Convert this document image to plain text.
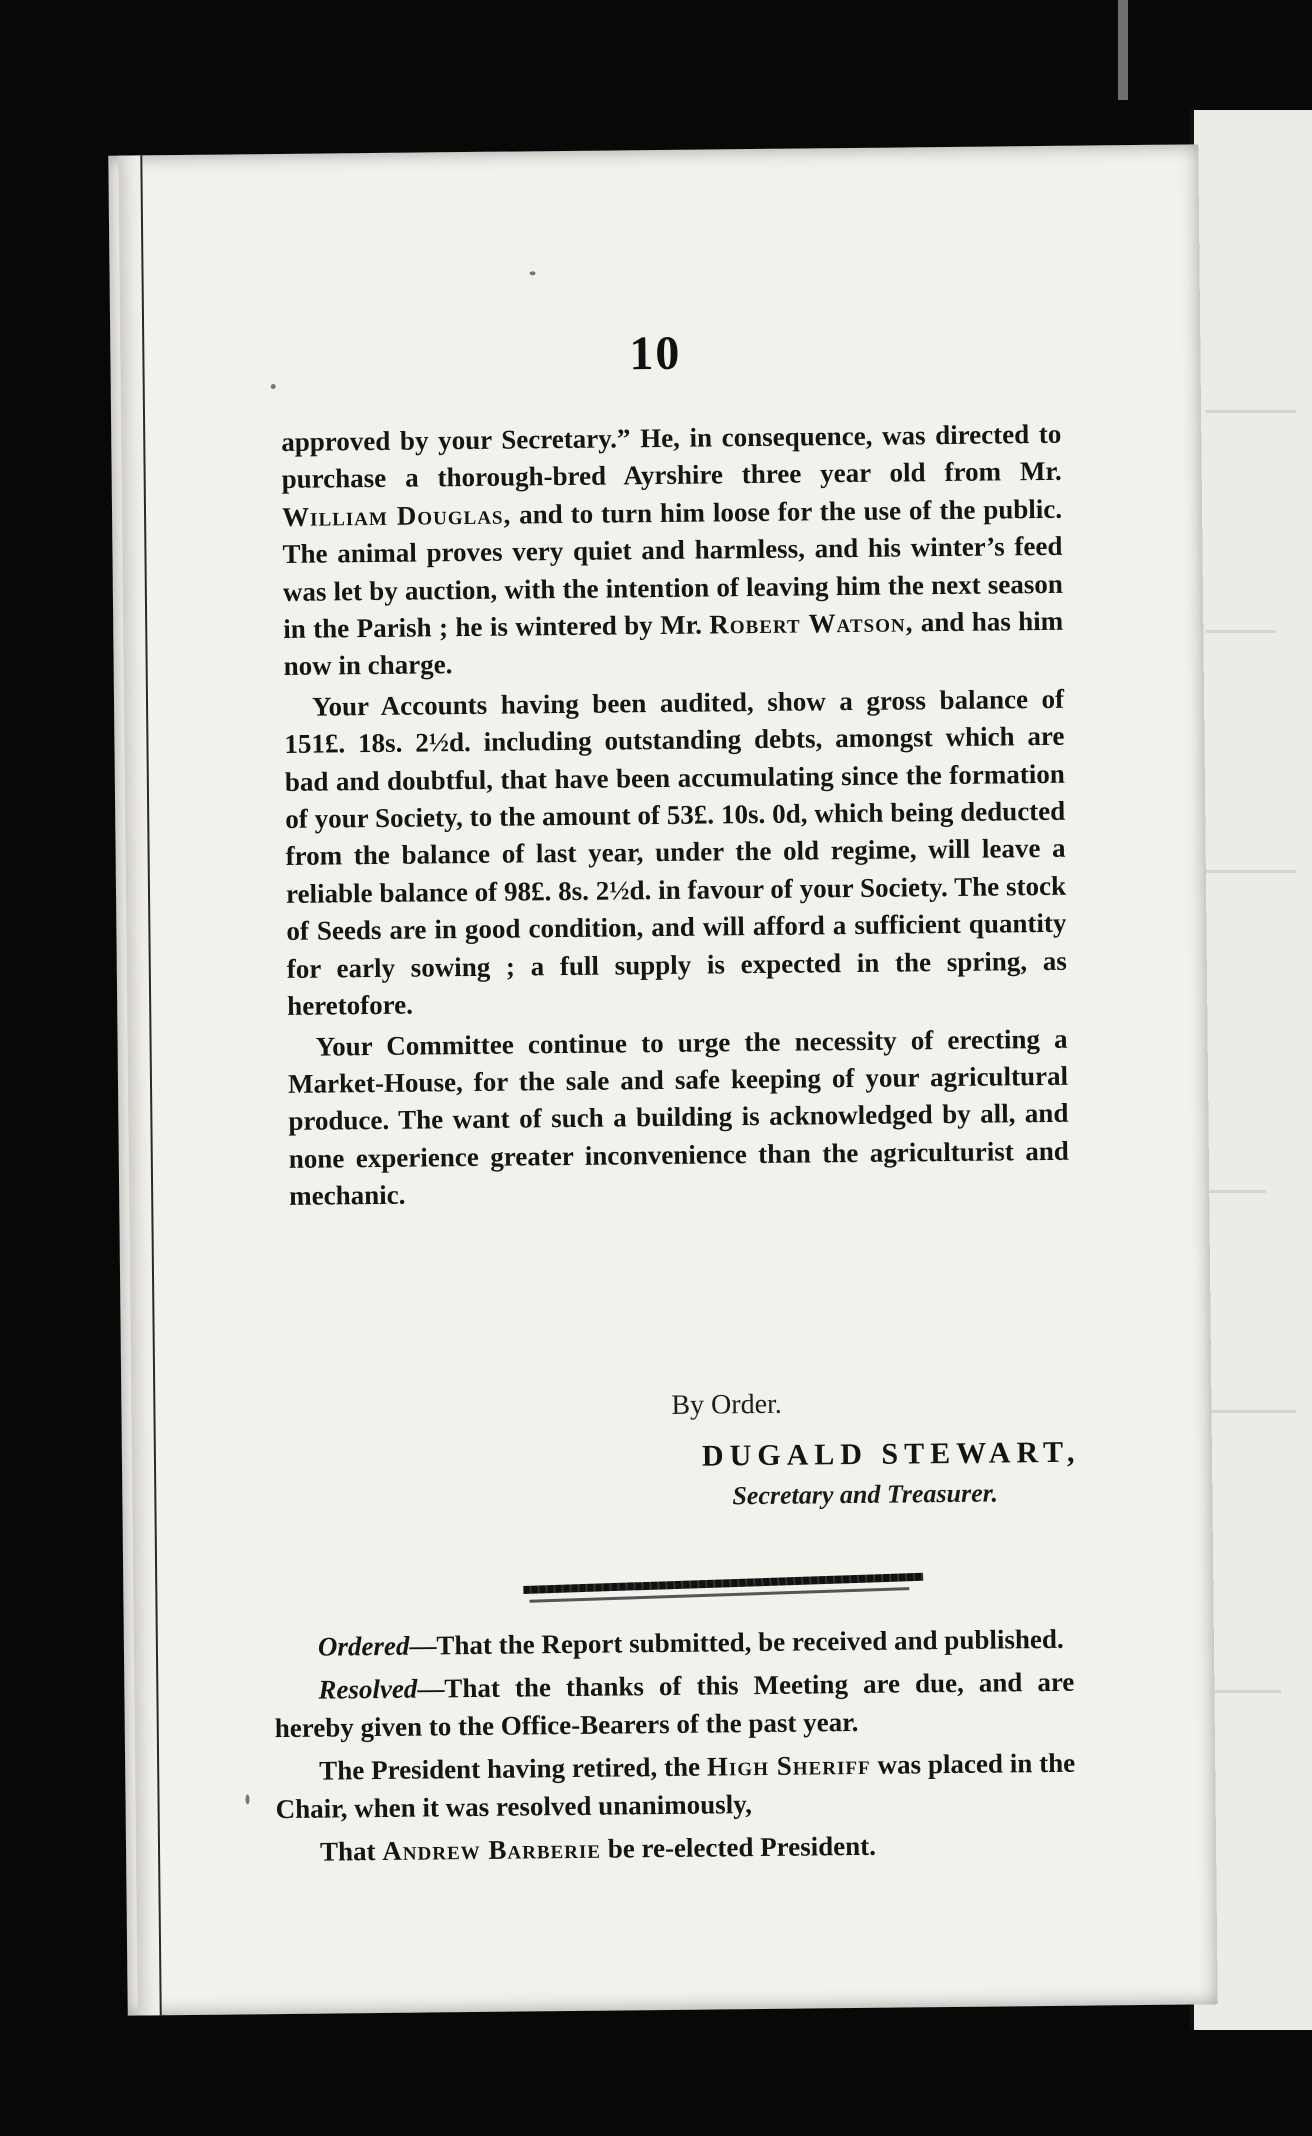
10

approved by your Secretary.” He, in consequence, was directed to purchase a thorough-bred Ayrshire three year old from Mr. William Douglas, and to turn him loose for the use of the public. The animal proves very quiet and harmless, and his winter’s feed was let by auction, with the intention of leaving him the next season in the Parish ; he is wintered by Mr. Robert Watson, and has him now in charge.

Your Accounts having been audited, show a gross balance of 151£. 18s. 2½d. including outstanding debts, amongst which are bad and doubtful, that have been accumulating since the formation of your Society, to the amount of 53£. 10s. 0d, which being deducted from the balance of last year, under the old regime, will leave a reliable balance of 98£. 8s. 2½d. in favour of your Society. The stock of Seeds are in good condition, and will afford a sufficient quantity for early sowing ; a full supply is expected in the spring, as heretofore.

Your Committee continue to urge the necessity of erecting a Market-House, for the sale and safe keeping of your agricultural produce. The want of such a building is acknowledged by all, and none experience greater inconvenience than the agriculturist and mechanic.

By Order.
DUGALD STEWART,
Secretary and Treasurer.

Ordered—That the Report submitted, be received and published.

Resolved—That the thanks of this Meeting are due, and are hereby given to the Office-Bearers of the past year.

The President having retired, the High Sheriff was placed in the Chair, when it was resolved unanimously,

That Andrew Barberie be re-elected President.
